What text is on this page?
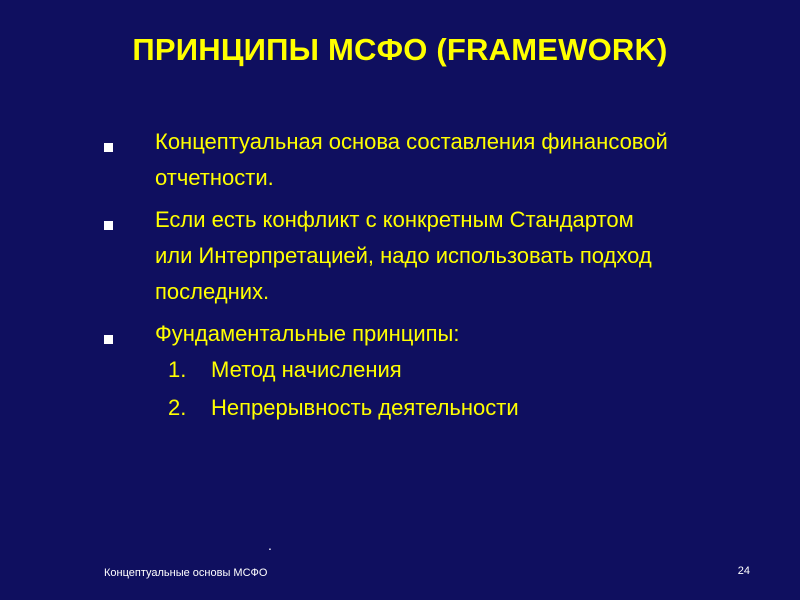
ПРИНЦИПЫ МСФО (FRAMEWORK)
Концептуальная основа составления финансовой отчетности.
Если есть конфликт с конкретным Стандартом или Интерпретацией, надо использовать подход последних.
Фундаментальные принципы:
1.	Метод начисления
2.	Непрерывность деятельности
.
Концептуальные основы МСФО	24
